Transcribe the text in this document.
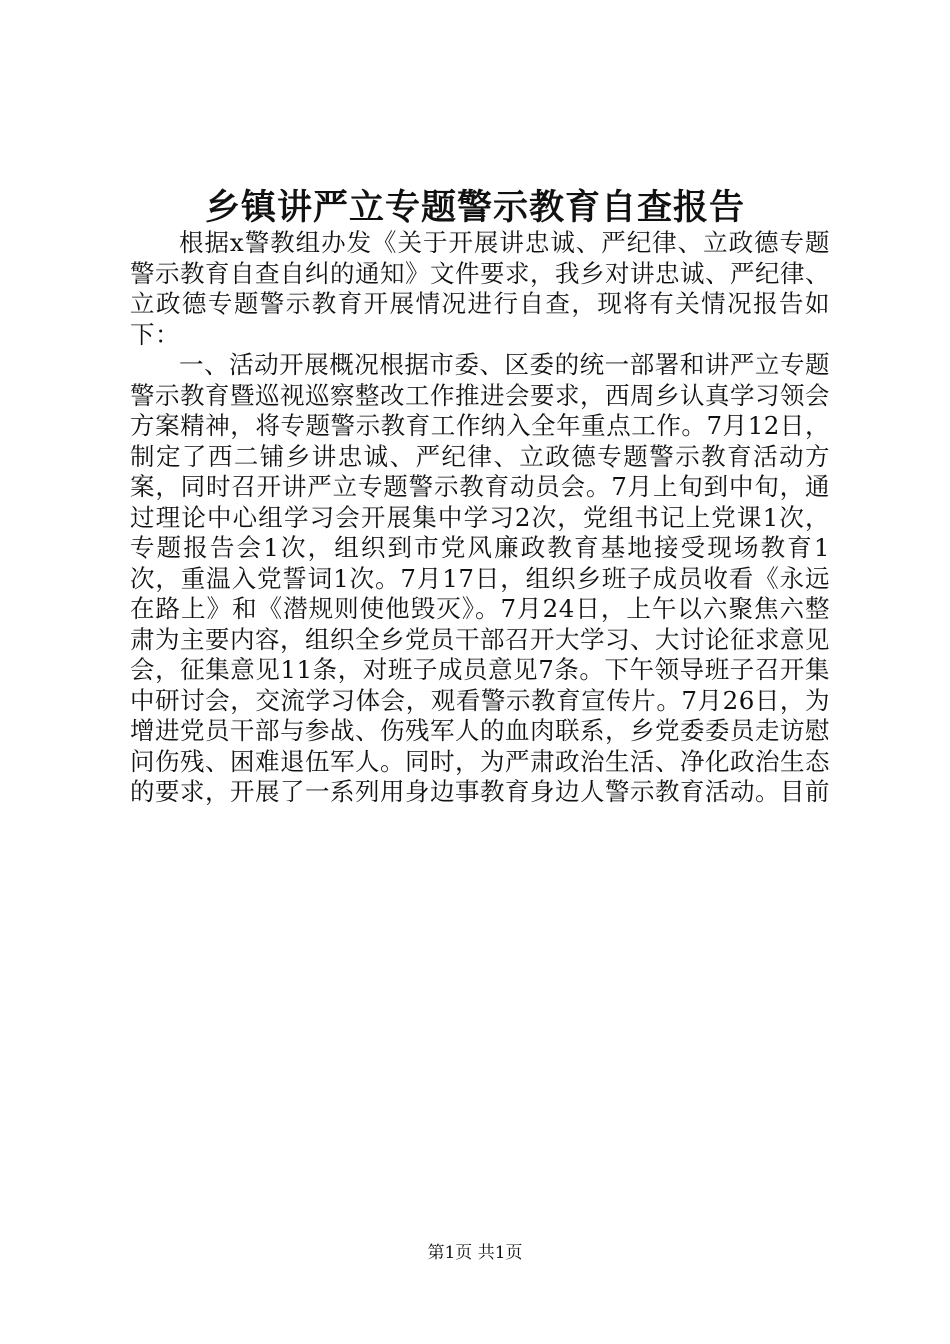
乡镇讲严立专题警示教育自查报告

根据x警教组办发《关于开展讲忠诚、严纪律、立政德专题警示教育自查自纠的通知》文件要求，我乡对讲忠诚、严纪律、立政德专题警示教育开展情况进行自查，现将有关情况报告如下：

一、活动开展概况根据市委、区委的统一部署和讲严立专题警示教育暨巡视巡察整改工作推进会要求，西周乡认真学习领会方案精神，将专题警示教育工作纳入全年重点工作。7月12日，制定了西二铺乡讲忠诚、严纪律、立政德专题警示教育活动方案，同时召开讲严立专题警示教育动员会。7月上旬到中旬，通过理论中心组学习会开展集中学习2次，党组书记上党课1次，专题报告会1次，组织到市党风廉政教育基地接受现场教育1次，重温入党誓词1次。7月17日，组织乡班子成员收看《永远在路上》和《潜规则使他毁灭》。7月24日，上午以六聚焦六整肃为主要内容，组织全乡党员干部召开大学习、大讨论征求意见会，征集意见11条，对班子成员意见7条。下午领导班子召开集中研讨会，交流学习体会，观看警示教育宣传片。7月26日，为增进党员干部与参战、伤残军人的血肉联系，乡党委委员走访慰问伤残、困难退伍军人。同时，为严肃政治生活、净化政治生态的要求，开展了一系列用身边事教育身边人警示教育活动。目前

第1页 共1页
